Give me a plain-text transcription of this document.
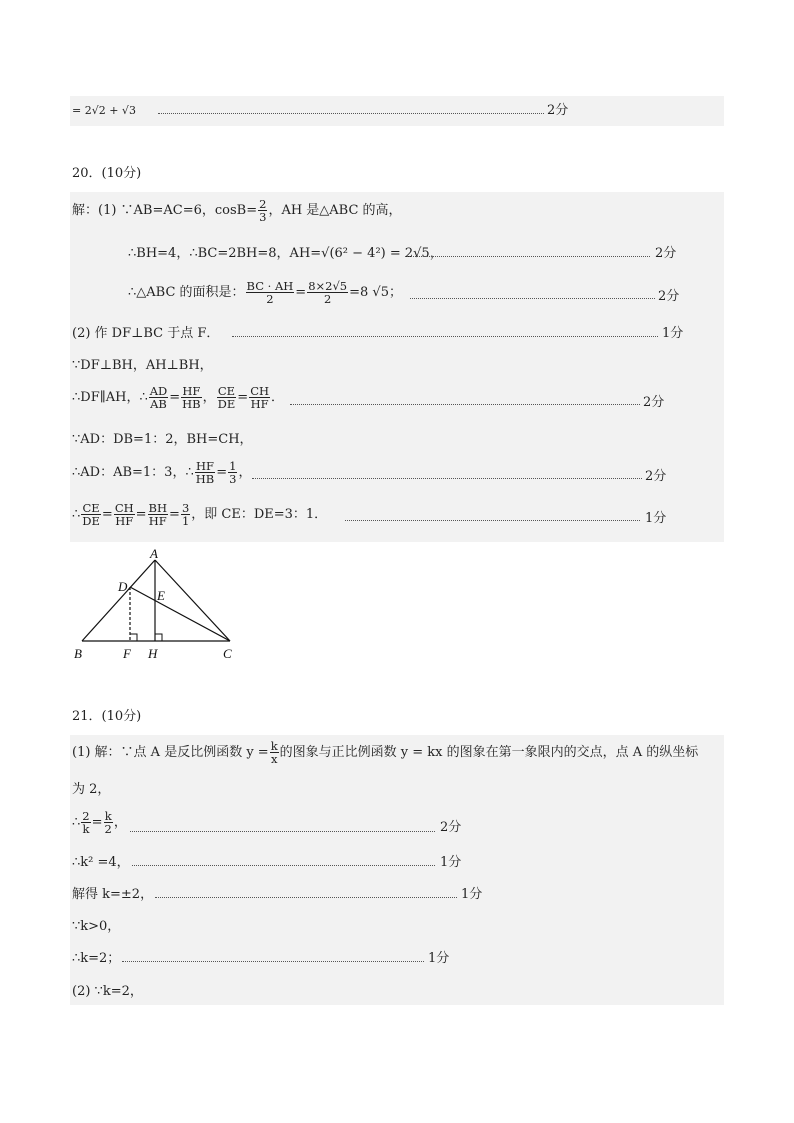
= 2√2 + √3	2分
20．(10分)
解：(1) ∵AB=AC=6，$\cos B= \frac{2}{3}$ ，AH 是△ABC 的高，
∴BH=4，∴BC=2BH=8，AH=√(6² − 4²) = 2√5，	2分
∴△ABC 的面积是： $\frac{BC \cdot AH}{2} = \frac{8\times 2√5}{2} =8$ √5；	2分
(2) 作 DF⊥BC 于点 F．	1分
∵DF⊥BH，AH⊥BH，
∴DF∥AH，∴ $\frac{AD}{AB} = \frac{HF}{HB}$ ， $\frac{CE}{DE} = \frac{CH}{HF}$ ．	2分
∵AD：DB=1：2，BH=CH，
∴AD：AB=1：3，∴ $\frac{HF}{HB} = \frac{1}{3}$ ，	2分
∴ $\frac{CE}{DE} = \frac{CH}{HF} = \frac{BH}{HF} = \frac{3}{1}$ ，即 CE：DE=3：1．	1分
A
B	C
D
E
F H
21．(10分)
(1) 解：∵点 A 是反比例函数 $y = \frac{k}{x}$ 的图象与正比例函数 y = kx 的图象在第一象限内的交点，点 A 的纵坐标
为 2，
∴ $\frac{2}{k} = \frac{k}{2}$ ，	2分
∴k² =4，	1分
解得 k=±2，	1分
∵k>0，
∴k=2；	1分
(2) ∵k=2，
